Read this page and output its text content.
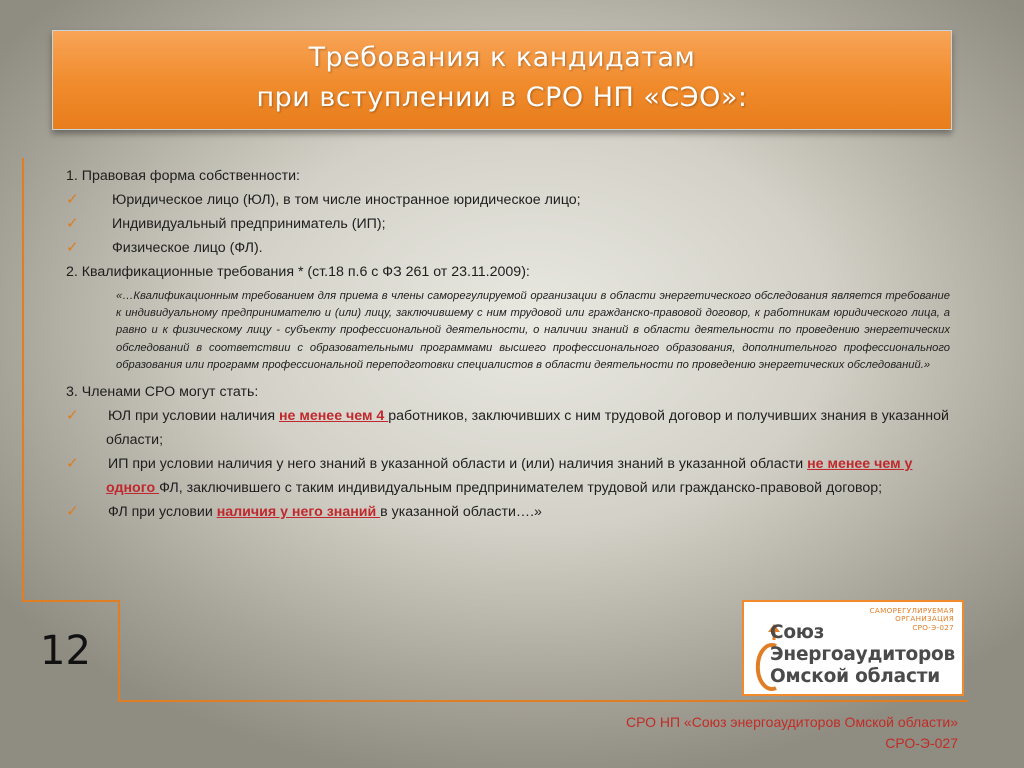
Требования к кандидатам
при вступлении в СРО НП «СЭО»:
1. Правовая форма собственности:
✓	Юридическое лицо (ЮЛ), в том числе иностранное юридическое лицо;
✓	Индивидуальный предприниматель (ИП);
✓	Физическое лицо (ФЛ).
2. Квалификационные требования * (ст.18 п.6 с ФЗ 261 от 23.11.2009):
«…Квалификационным требованием для приема в члены саморегулируемой организации в области энергетического обследования является требование к индивидуальному предпринимателю и (или) лицу, заключившему с ним трудовой или гражданско-правовой договор, к работникам юридического лица, а равно и к физическому лицу - субъекту профессиональной деятельности, о наличии знаний в области деятельности по проведению энергетических обследований в соответствии с образовательными программами высшего профессионального образования, дополнительного профессионального образования или программ профессиональной переподготовки специалистов в области деятельности по проведению энергетических обследований.»
3. Членами СРО могут стать:
✓	ЮЛ при условии наличия не менее чем 4 работников, заключивших с ним трудовой договор и получивших знания в указанной области;
✓	ИП при условии наличия у него знаний в указанной области и (или) наличия знаний в указанной области не менее чем у одного ФЛ, заключившего с таким индивидуальным предпринимателем трудовой или гражданско-правовой договор;
✓	ФЛ при условии наличия у него знаний в указанной области….»
12
САМОРЕГУЛИРУЕМАЯ
ОРГАНИЗАЦИЯ
СРО-Э-027
Союз
Энергоаудиторов
Омской области
СРО НП «Союз энергоаудиторов Омской области»
СРО-Э-027
